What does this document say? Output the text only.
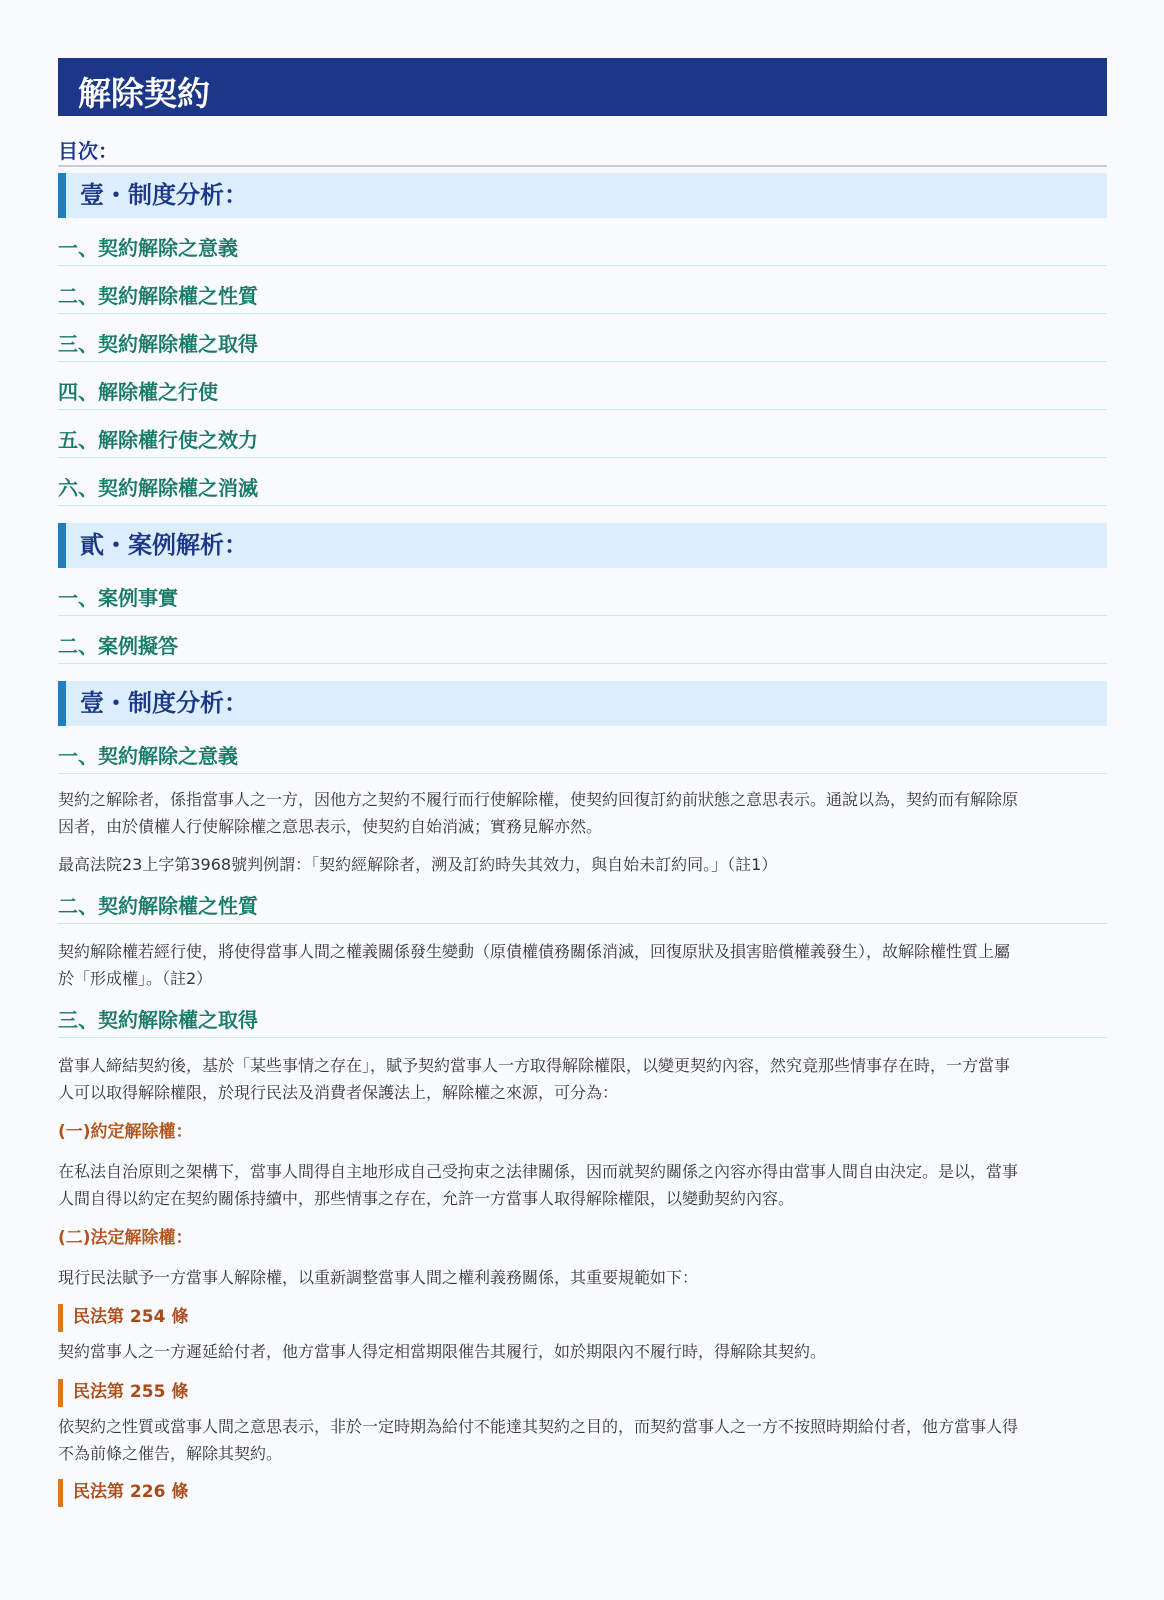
解除契約
目次：
壹・制度分析：
一、契約解除之意義
二、契約解除權之性質
三、契約解除權之取得
四、解除權之行使
五、解除權行使之效力
六、契約解除權之消滅
貳・案例解析：
一、案例事實
二、案例擬答
壹・制度分析：
一、契約解除之意義
契約之解除者，係指當事人之一方，因他方之契約不履行而行使解除權，使契約回復訂約前狀態之意思表示。通說以為，契約而有解除原
因者，由於債權人行使解除權之意思表示，使契約自始消滅；實務見解亦然。
最高法院23上字第3968號判例謂：「契約經解除者，溯及訂約時失其效力，與自始未訂約同。」（註1）
二、契約解除權之性質
契約解除權若經行使，將使得當事人間之權義關係發生變動（原債權債務關係消滅，回復原狀及損害賠償權義發生），故解除權性質上屬
於「形成權」。（註2）
三、契約解除權之取得
當事人締結契約後，基於「某些事情之存在」，賦予契約當事人一方取得解除權限，以變更契約內容，然究竟那些情事存在時，一方當事
人可以取得解除權限，於現行民法及消費者保護法上，解除權之來源，可分為：
(一)約定解除權：
在私法自治原則之架構下，當事人間得自主地形成自己受拘束之法律關係，因而就契約關係之內容亦得由當事人間自由決定。是以，當事
人間自得以約定在契約關係持續中，那些情事之存在，允許一方當事人取得解除權限，以變動契約內容。
(二)法定解除權：
現行民法賦予一方當事人解除權，以重新調整當事人間之權利義務關係，其重要規範如下：
民法第 254 條
契約當事人之一方遲延給付者，他方當事人得定相當期限催告其履行，如於期限內不履行時，得解除其契約。
民法第 255 條
依契約之性質或當事人間之意思表示，非於一定時期為給付不能達其契約之目的，而契約當事人之一方不按照時期給付者，他方當事人得
不為前條之催告，解除其契約。
民法第 226 條
